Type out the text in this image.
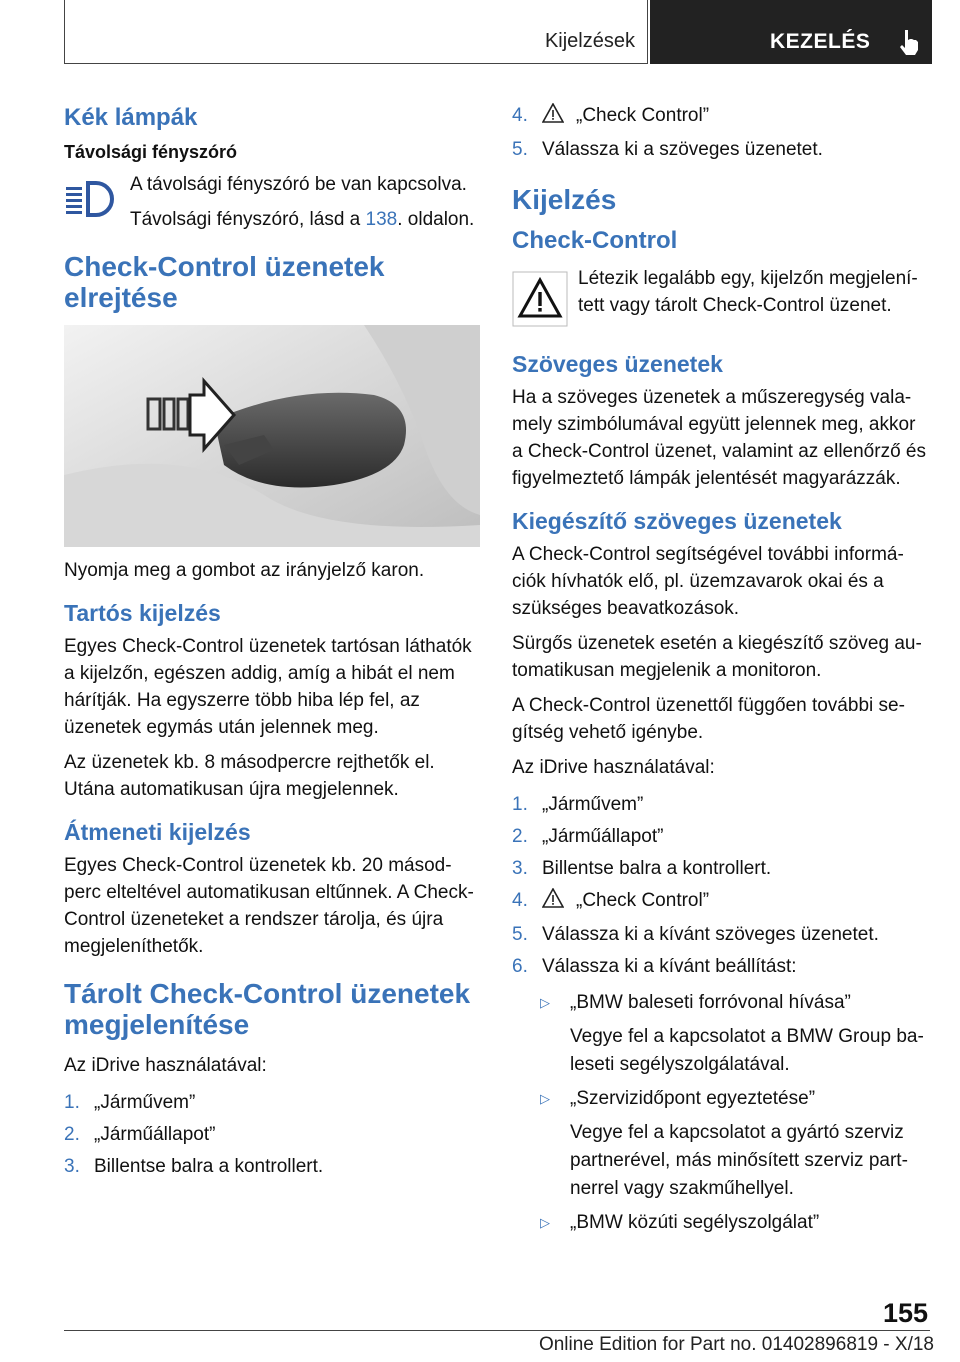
Kijelzések	KEZELÉS
Kék lámpák
Távolsági fényszóró

A távolsági fényszóró be van kapcsolva.

Távolsági fényszóró, lásd a 138. oldalon.

Check-Control üzenetek elrejtése

Nyomja meg a gombot az irányjelző karon.

Tartós kijelzés

Egyes Check-Control üzenetek tartósan láthatók a kijelzőn, egészen addig, amíg a hibát el nem hárítják. Ha egyszerre több hiba lép fel, az üzenetek egymás után jelennek meg.

Az üzenetek kb. 8 másodpercre rejthetők el. Utána automatikusan újra megjelennek.

Átmeneti kijelzés

Egyes Check-Control üzenetek kb. 20 másodperc elteltével automatikusan eltűnnek. A Check-Control üzeneteket a rendszer tárolja, és újra megjeleníthetők.

Tárolt Check-Control üzenetek megjelenítése

Az iDrive használatával:

1. „Járművem”
2. „Járműállapot”
3. Billentse balra a kontrollert.
4.	„Check Control”
5. Válassza ki a szöveges üzenetet.
Kijelzés
Check-Control

Létezik legalább egy, kijelzőn megjelenített vagy tárolt Check-Control üzenet.

Szöveges üzenetek

Ha a szöveges üzenetek a műszeregység valamely szimbólumával együtt jelennek meg, akkor a Check-Control üzenet, valamint az ellenőrző és figyelmeztető lámpák jelentését magyarázzák.

Kiegészítő szöveges üzenetek

A Check-Control segítségével további információk hívhatók elő, pl. üzemzavarok okai és a szükséges beavatkozások.

Sürgős üzenetek esetén a kiegészítő szöveg automatikusan megjelenik a monitoron.

A Check-Control üzenettől függően további segítség vehető igénybe.

Az iDrive használatával:

1. „Járművem”
2. „Járműállapot”
3. Billentse balra a kontrollert.
4.	„Check Control”
5. Válassza ki a kívánt szöveges üzenetet.
6. Válassza ki a kívánt beállítást:
▷ „BMW baleseti forróvonal hívása”
Vegye fel a kapcsolatot a BMW Group baleseti segélyszolgálatával.
▷ „Szervizidőpont egyeztetése”
Vegye fel a kapcsolatot a gyártó szerviz partnerével, más minősített szerviz partnerrel vagy szakműhellyel.
▷ „BMW közúti segélyszolgálat”
155
Online Edition for Part no. 01402896819 - X/18
